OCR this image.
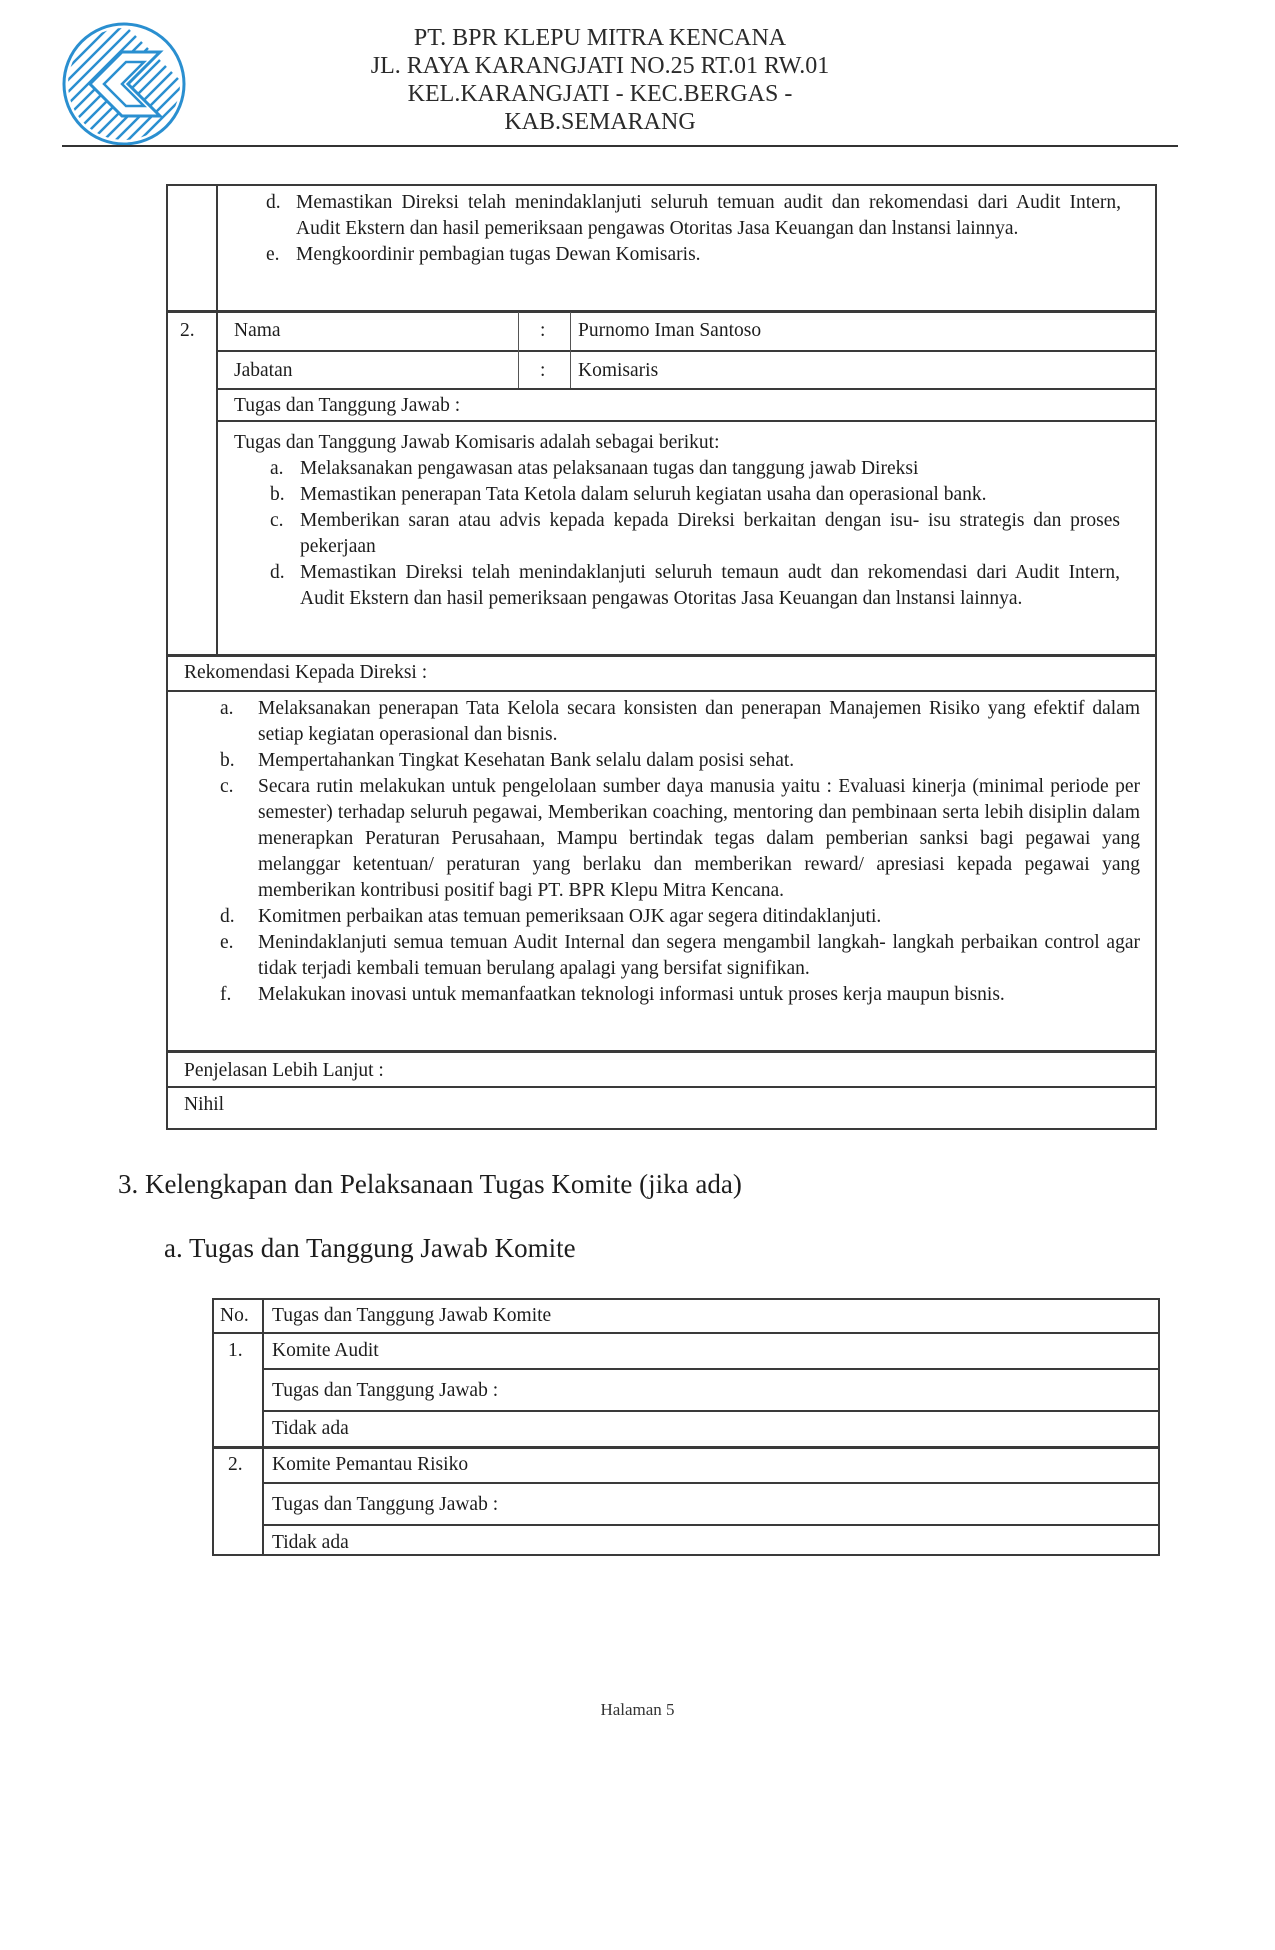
PT. BPR KLEPU MITRA KENCANA
JL. RAYA KARANGJATI NO.25 RT.01 RW.01
KEL.KARANGJATI - KEC.BERGAS -
KAB.SEMARANG
d. Memastikan Direksi telah menindaklanjuti seluruh temuan audit dan rekomendasi dari Audit Intern, Audit Ekstern dan hasil pemeriksaan pengawas Otoritas Jasa Keuangan dan lnstansi lainnya.
e. Mengkoordinir pembagian tugas Dewan Komisaris.
2. Nama	: Purnomo Iman Santoso
Jabatan	: Komisaris
Tugas dan Tanggung Jawab :
Tugas dan Tanggung Jawab Komisaris adalah sebagai berikut:
a. Melaksanakan pengawasan atas pelaksanaan tugas dan tanggung jawab Direksi
b. Memastikan penerapan Tata Ketola dalam seluruh kegiatan usaha dan operasional bank.
c. Memberikan saran atau advis kepada kepada Direksi berkaitan dengan isu- isu strategis dan proses pekerjaan
d. Memastikan Direksi telah menindaklanjuti seluruh temaun audt dan rekomendasi dari Audit Intern, Audit Ekstern dan hasil pemeriksaan pengawas Otoritas Jasa Keuangan dan lnstansi lainnya.
Rekomendasi Kepada Direksi :
a.	Melaksanakan penerapan Tata Kelola secara konsisten dan penerapan Manajemen Risiko yang efektif dalam setiap kegiatan operasional dan bisnis.
b.	Mempertahankan Tingkat Kesehatan Bank selalu dalam posisi sehat.
c.	Secara rutin melakukan untuk pengelolaan sumber daya manusia yaitu : Evaluasi kinerja (minimal periode per semester) terhadap seluruh pegawai, Memberikan coaching, mentoring dan pembinaan serta lebih disiplin dalam menerapkan Peraturan Perusahaan, Mampu bertindak tegas dalam pemberian sanksi bagi pegawai yang melanggar ketentuan/ peraturan yang berlaku dan memberikan reward/ apresiasi kepada pegawai yang memberikan kontribusi positif bagi PT. BPR Klepu Mitra Kencana.
d.	Komitmen perbaikan atas temuan pemeriksaan OJK agar segera ditindaklanjuti.
e.	Menindaklanjuti semua temuan Audit Internal dan segera mengambil langkah- langkah perbaikan control agar tidak terjadi kembali temuan berulang apalagi yang bersifat signifikan.
f.	Melakukan inovasi untuk memanfaatkan teknologi informasi untuk proses kerja maupun bisnis.
Penjelasan Lebih Lanjut :
Nihil
3. Kelengkapan dan Pelaksanaan Tugas Komite (jika ada)
a. Tugas dan Tanggung Jawab Komite
No. Tugas dan Tanggung Jawab Komite
1. Komite Audit
Tugas dan Tanggung Jawab :
Tidak ada
2. Komite Pemantau Risiko
Tugas dan Tanggung Jawab :
Tidak ada
Halaman 5
